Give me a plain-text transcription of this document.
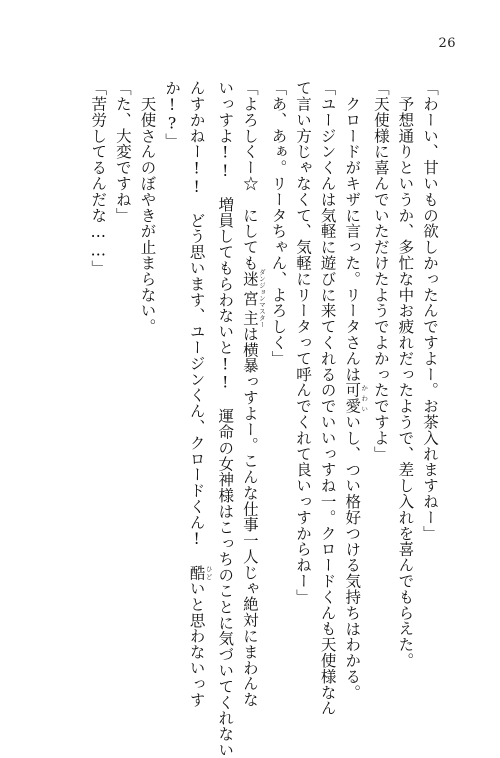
26
「わーい、甘いもの欲しかったんですよー。お茶入れますねー」
　予想通りというか、多忙な中お疲れだったようで、差し入れを喜んでもらえた。
「天使様に喜んでいただけたようでよかったですよ」
　クロードがキザに言った。リータさんは可愛 かわいいし、つい格好つける気持ちはわかる。
「ユージンくんは気軽に遊びに来てくれるのでいいっすね一。クロードくんも天使様なん
て言い方じゃなくて、気軽にリータって呼んでくれて良いっすからねー」
「あ、あぁ。リータちゃん、よろしく」
「よろしくー☆　にしても迷宮主 ダンジョンマスターは横暴っすよー。こんな仕事一人じゃ絶対にまわんな
いっすよ!!　増員してもらわないと!!　運命の女神様はこっちのことに気づいてくれない
んすかねー!!　どう思います、ユージンくん、クロードくん!　酷 ひどいと思わないっす
か!?」
　天使さんのぼやきが止まらない。
「た、大変ですね」
「苦労してるんだな……」
